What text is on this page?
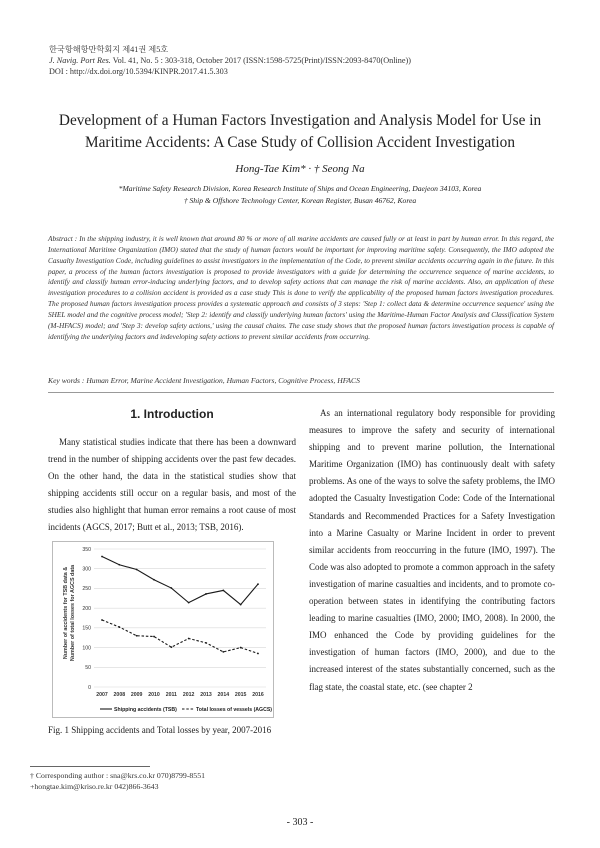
한국항해항만학회지 제41권 제5호
J. Navig. Port Res. Vol. 41, No. 5 : 303-318, October 2017 (ISSN:1598-5725(Print)/ISSN:2093-8470(Online))
DOI : http://dx.doi.org/10.5394/KINPR.2017.41.5.303
Development of a Human Factors Investigation and Analysis Model for Use in Maritime Accidents: A Case Study of Collision Accident Investigation
Hong-Tae Kim* · † Seong Na
*Maritime Safety Research Division, Korea Research Institute of Ships and Ocean Engineering, Daejeon 34103, Korea
† Ship & Offshore Technology Center, Korean Register, Busan 46762, Korea
Abstract : In the shipping industry, it is well known that around 80 % or more of all marine accidents are caused fully or at least in part by human error. In this regard, the International Maritime Organization (IMO) stated that the study of human factors would be important for improving maritime safety. Consequently, the IMO adopted the Casualty Investigation Code, including guidelines to assist investigators in the implementation of the Code, to prevent similar accidents occurring again in the future. In this paper, a process of the human factors investigation is proposed to provide investigators with a guide for determining the occurrence sequence of marine accidents, to identify and classify human error-inducing underlying factors, and to develop safety actions that can manage the risk of marine accidents. Also, an application of these investigation procedures to a collision accident is provided as a case study This is done to verify the applicability of the proposed human factors investigation procedures. The proposed human factors investigation process provides a systematic approach and consists of 3 steps: 'Step 1: collect data & determine occurrence sequence' using the SHEL model and the cognitive process model; 'Step 2: identify and classify underlying human factors' using the Maritime-Human Factor Analysis and Classification System (M-HFACS) model; and 'Step 3: develop safety actions,' using the causal chains. The case study shows that the proposed human factors investigation process is capable of identifying the underlying factors and indeveloping safety actions to prevent similar accidents from occurring.
Key words : Human Error, Marine Accident Investigation, Human Factors, Cognitive Process, HFACS
1. Introduction
Many statistical studies indicate that there has been a downward trend in the number of shipping accidents over the past few decades. On the other hand, the data in the statistical studies show that shipping accidents still occur on a regular basis, and most of the studies also highlight that human error remains a root cause of most incidents (AGCS, 2017; Butt et al., 2013; TSB, 2016).
Number of accidents for TSB data &Number of total losses for AGCS data
0
50
100
150
200
250
300
350
2007 2008 2009 2010 2011 2012 2013 2014 2015 2016
Shipping accidents (TSB)	Total losses of vessels (AGCS)
Fig. 1 Shipping accidents and Total losses by year, 2007-2016
As an international regulatory body responsible for providing measures to improve the safety and security of international shipping and to prevent marine pollution, the International Maritime Organization (IMO) has continuously dealt with safety problems. As one of the ways to solve the safety problems, the IMO adopted the Casualty Investigation Code: Code of the International Standards and Recommended Practices for a Safety Investigation into a Marine Casualty or Marine Incident in order to prevent similar accidents from reoccurring in the future (IMO, 1997). The Code was also adopted to promote a common approach in the safety investigation of marine casualties and incidents, and to promote co-operation between states in identifying the contributing factors leading to marine casualties (IMO, 2000; IMO, 2008). In 2000, the IMO enhanced the Code by providing guidelines for the investigation of human factors (IMO, 2000), and due to the increased interest of the states substantially concerned, such as the flag state, the coastal state, etc. (see chapter 2
† Corresponding author : sna@krs.co.kr 070)8799-8551
+hongtae.kim@kriso.re.kr 042)866-3643
- 303 -
